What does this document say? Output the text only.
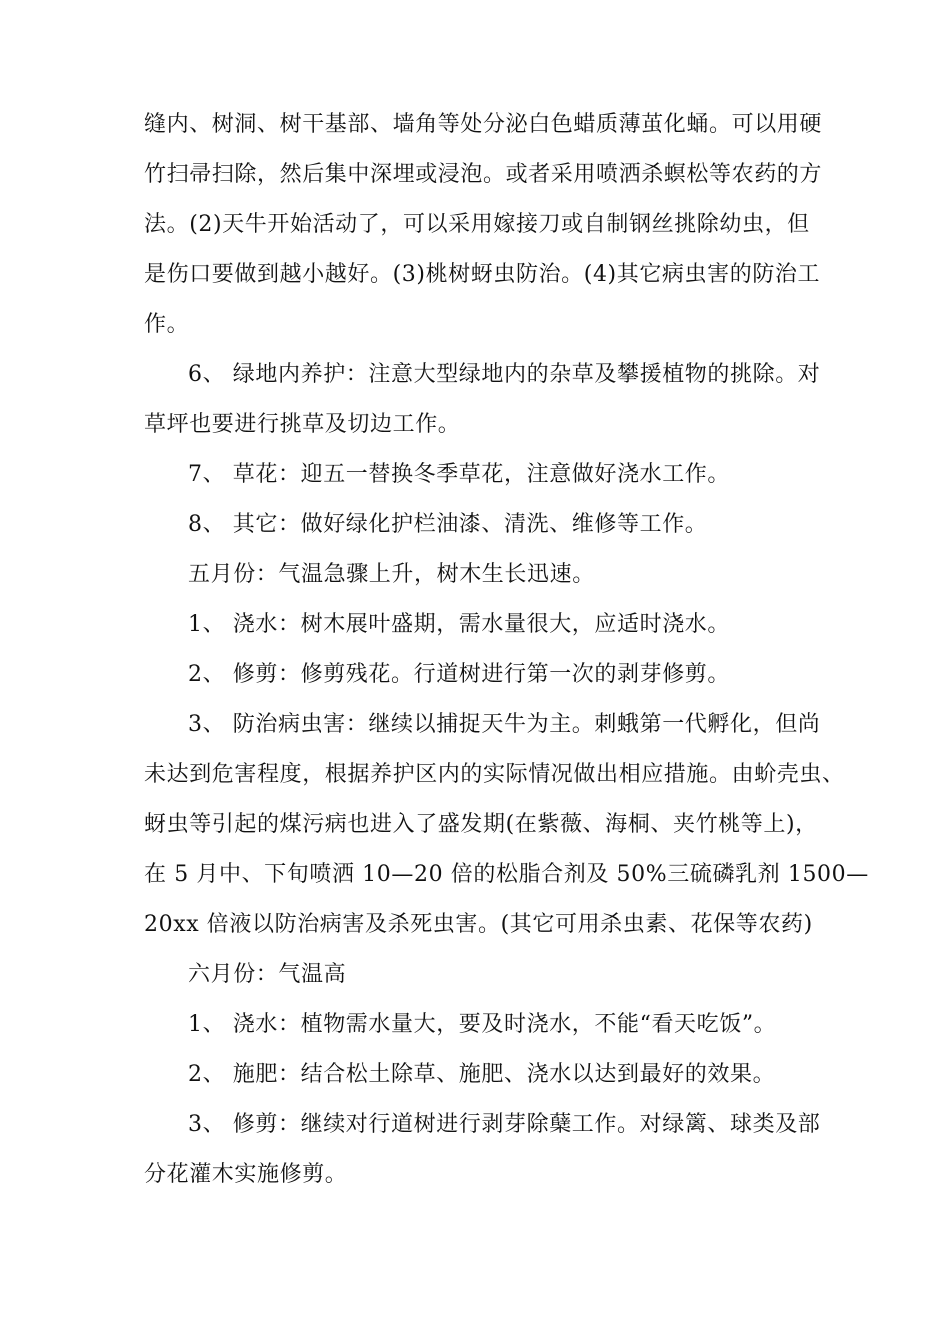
缝内、树洞、树干基部、墙角等处分泌白色蜡质薄茧化蛹。可以用硬
竹扫帚扫除，然后集中深埋或浸泡。或者采用喷洒杀螟松等农药的方
法。(2)天牛开始活动了，可以采用嫁接刀或自制钢丝挑除幼虫，但
是伤口要做到越小越好。(3)桃树蚜虫防治。(4)其它病虫害的防治工
作。

6、 绿地内养护：注意大型绿地内的杂草及攀援植物的挑除。对
草坪也要进行挑草及切边工作。

7、 草花：迎五一替换冬季草花，注意做好浇水工作。

8、 其它：做好绿化护栏油漆、清洗、维修等工作。

五月份：气温急骤上升，树木生长迅速。

1、 浇水：树木展叶盛期，需水量很大，应适时浇水。

2、 修剪：修剪残花。行道树进行第一次的剥芽修剪。

3、 防治病虫害：继续以捕捉天牛为主。刺蛾第一代孵化，但尚
未达到危害程度，根据养护区内的实际情况做出相应措施。由蚧壳虫、
蚜虫等引起的煤污病也进入了盛发期(在紫薇、海桐、夹竹桃等上)，
在 5 月中、下旬喷洒 10—20 倍的松脂合剂及 50%三硫磷乳剂 1500—
20xx 倍液以防治病害及杀死虫害。(其它可用杀虫素、花保等农药)

六月份：气温高

1、 浇水：植物需水量大，要及时浇水，不能“看天吃饭”。

2、 施肥：结合松土除草、施肥、浇水以达到最好的效果。

3、 修剪：继续对行道树进行剥芽除蘖工作。对绿篱、球类及部
分花灌木实施修剪。
